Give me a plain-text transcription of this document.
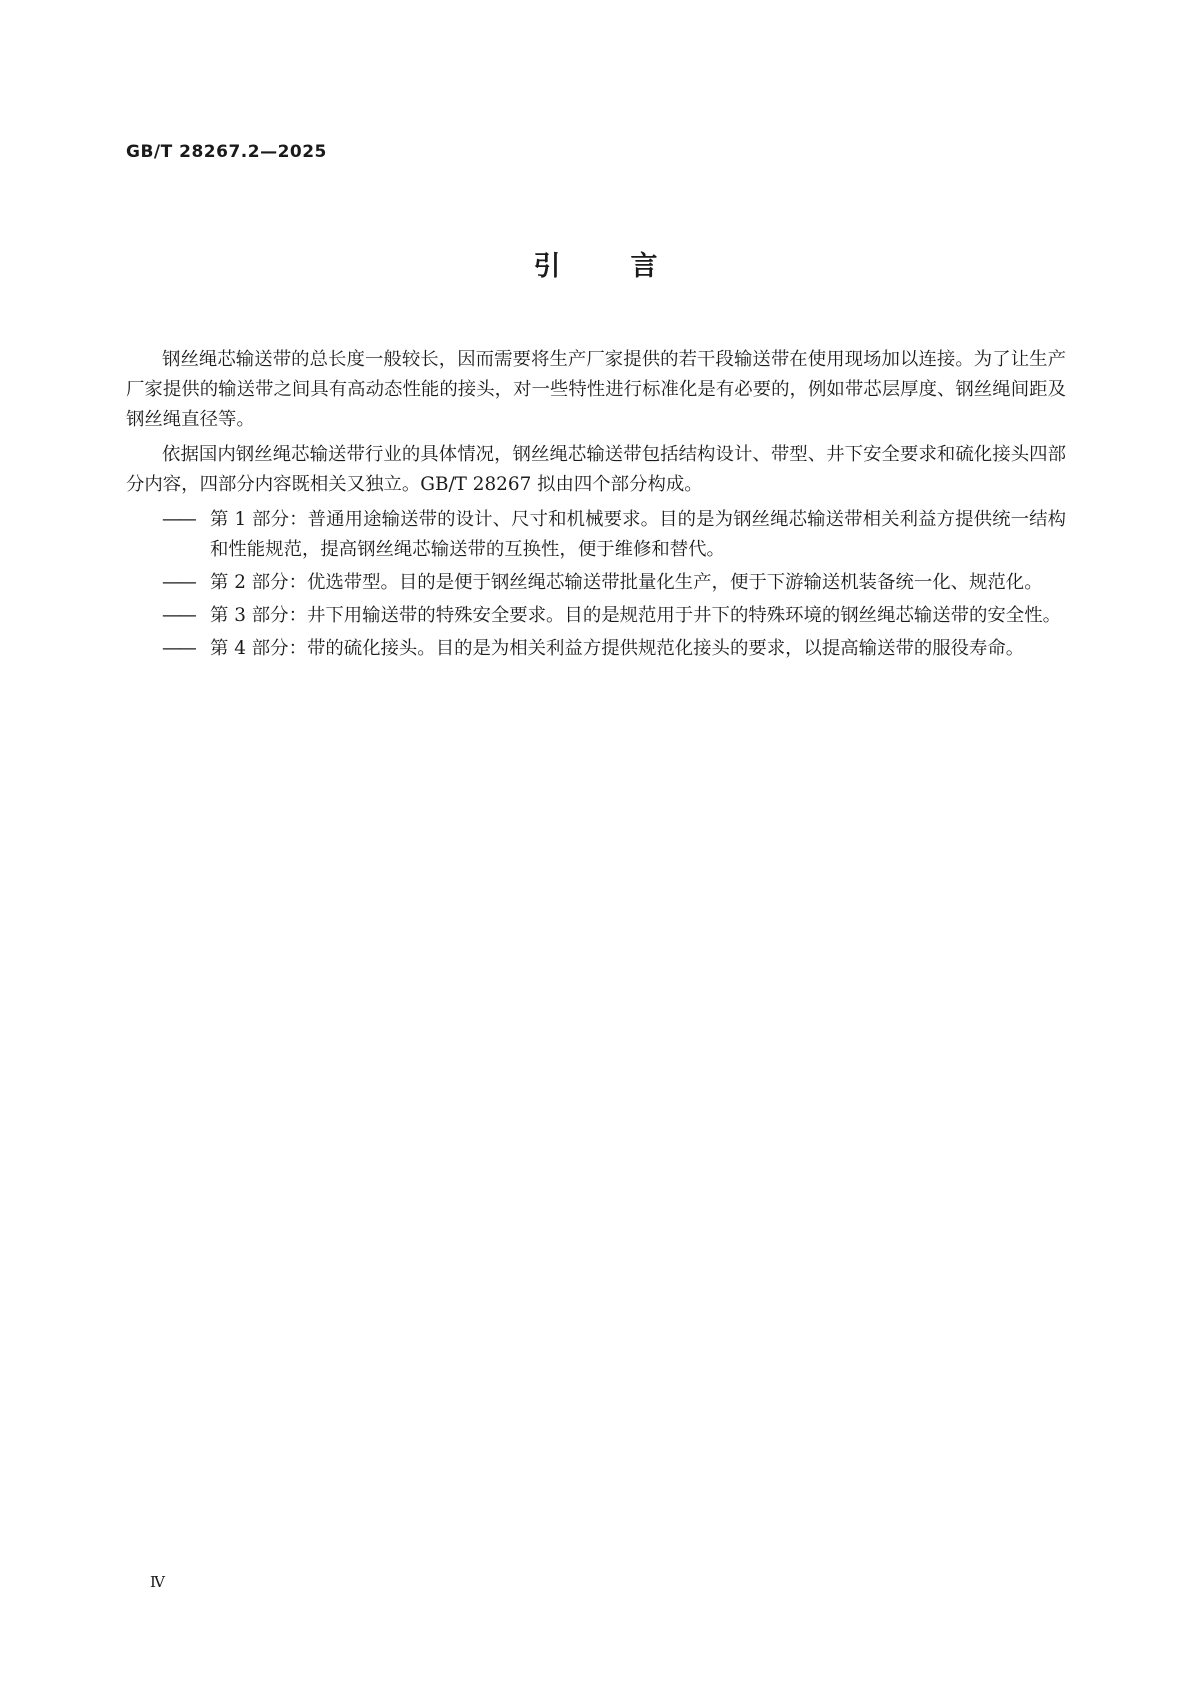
GB/T 28267.2—2025
引	言

钢丝绳芯输送带的总长度一般较长，因而需要将生产厂家提供的若干段输送带在使用现场加以连接。为了让生产厂家提供的输送带之间具有高动态性能的接头，对一些特性进行标准化是有必要的，例如带芯层厚度、钢丝绳间距及钢丝绳直径等。

依据国内钢丝绳芯输送带行业的具体情况，钢丝绳芯输送带包括结构设计、带型、井下安全要求和硫化接头四部分内容，四部分内容既相关又独立。GB/T 28267 拟由四个部分构成。

—— 第 1 部分：普通用途输送带的设计、尺寸和机械要求。目的是为钢丝绳芯输送带相关利益方提供统一结构和性能规范，提高钢丝绳芯输送带的互换性，便于维修和替代。
—— 第 2 部分：优选带型。目的是便于钢丝绳芯输送带批量化生产，便于下游输送机装备统一化、规范化。
—— 第 3 部分：井下用输送带的特殊安全要求。目的是规范用于井下的特殊环境的钢丝绳芯输送带的安全性。
—— 第 4 部分：带的硫化接头。目的是为相关利益方提供规范化接头的要求，以提高输送带的服役寿命。
Ⅳ
